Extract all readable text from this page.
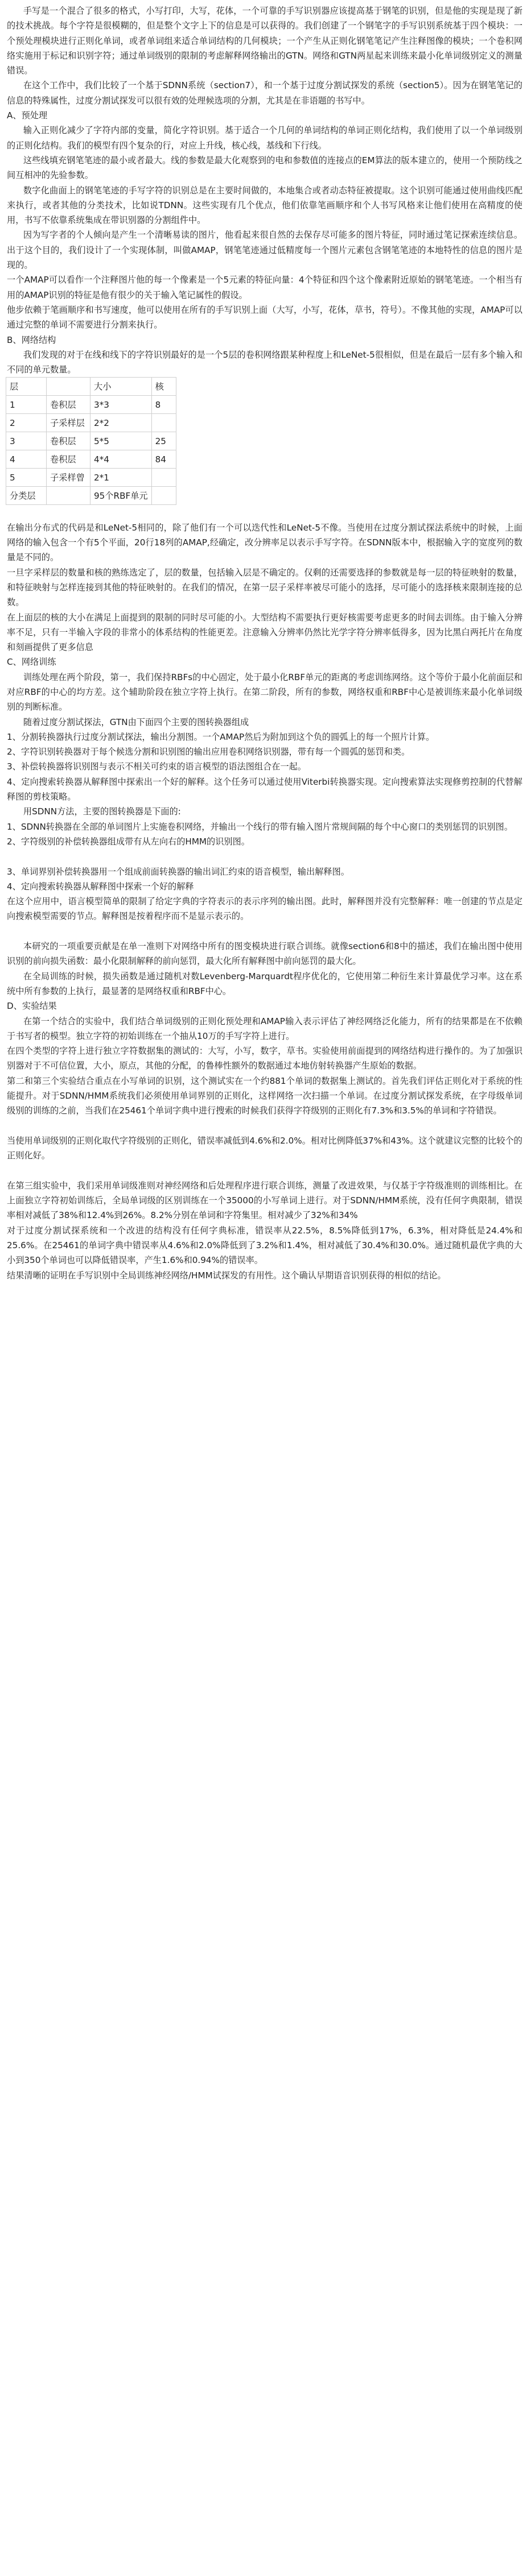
手写是一个混合了很多的格式，小写打印，大写，花体，一个可靠的手写识别器应该提高基于钢笔的识别，但是他的实现是现了新的技术挑战。每个字符是很模糊的，但是整个文字上下的信息是可以获得的。我们创建了一个钢笔字的手写识别系统基于四个模块：一个预处理模块进行正则化单词，或者单词组来适合单词结构的几何模块；一个产生从正则化钢笔笔记产生注释图像的模块；一个卷积网络实施用于标记和识别字符；通过单词级别的限制的考虑解释网络输出的GTN。网络和GTN两星起来训练来最小化单词级别定义的测量错误。

在这个工作中，我们比较了一个基于SDNN系统（section7），和一个基于过度分割试探发的系统（section5）。因为在钢笔笔记的信息的特殊属性，过度分割试探发可以很有效的处理候选项的分割，尤其是在非语题的书写中。

A、预处理

输入正则化减少了字符内部的变量，简化字符识别。基于适合一个几何的单词结构的单词正则化结构，我们使用了以一个单词级别的正则化结构。我们的模型有四个复杂的行，对应上升线，核心线，基线和下行线。

这些线填充钢笔笔迹的最小或者最大。线的参数是最大化观察到的电和参数值的连接点的EM算法的版本建立的，使用一个预防线之间互相冲的先验参数。

数字化曲面上的钢笔笔迹的手写字符的识别总是在主要时间做的，本地集合或者动态特征被提取。这个识别可能通过使用曲线匹配来执行，或者其他的分类技术，比如说TDNN。这些实现有几个优点，他们依靠笔画顺序和个人书写风格来让他们使用在高精度的使用，书写不依靠系统集成在带识别器的分割组件中。

因为写字者的个人倾向是产生一个清晰易读的图片，他看起来很自然的去保存尽可能多的图片特征，同时通过笔记探索连续信息。出于这个目的，我们设计了一个实现体制，叫做AMAP，钢笔笔迹通过低精度每一个图片元素包含钢笔笔迹的本地特性的信息的图片是现的。

一个AMAP可以看作一个注释图片他的每一个像素是一个5元素的特征向量：4个特征和四个这个像素附近原始的钢笔笔迹。一个相当有用的AMAP识别的特征是他有很少的关于输入笔记属性的假设。

他步依赖于笔画顺序和书写速度，他可以使用在所有的手写识别上面（大写，小写，花体，草书，符号）。不像其他的实现，AMAP可以通过完整的单词不需要进行分割来执行。

B、网络结构

我们发现的对于在线和线下的字符识别最好的是一个5层的卷积网络跟某种程度上和LeNet-5很相似，但是在最后一层有多个输入和不同的单元数量。

层		大小	核
1	卷积层	3*3	8
2	子采样层	2*2	
3	卷积层	5*5	25
4	卷积层	4*4	84
5	子采样曾	2*1	
分类层		95个RBF单元	

在输出分布式的代码是和LeNet-5相同的，除了他们有一个可以迭代性和LeNet-5不像。当使用在过度分割试探法系统中的时候，上面网络的输入包含一个有5个平面，20行18列的AMAP,经确定，改分辨率足以表示手写字符。在SDNN版本中，根据输入字的宽度列的数量是不同的。

一旦字采样层的数量和核的熟练选定了，层的数量，包括输入层是不确定的。仅剩的还需要选择的参数就是每一层的特征映射的数量，和特征映射与怎样连接到其他的特征映射的。在我们的情况，在第一层子采样率被尽可能小的选择，尽可能小的选择核来限制连接的总数。

在上面层的核的大小在满足上面提到的限制的同时尽可能的小。大型结构不需要执行更好核需要考虑更多的时间去训练。由于输入分辨率不足，只有一半输入字段的非常小的体系结构的性能更差。注意输入分辨率仍然比光学字符分辨率低得多，因为比黑白两托片在角度和刻画提供了更多信息

C、网络训练

训练处理在两个阶段，第一，我们保持RBFs的中心固定，处于最小化RBF单元的距离的考虑训练网络。这个等价于最小化前面层和对应RBF的中心的均方差。这个辅助阶段在独立字符上执行。在第二阶段，所有的参数，网络权重和RBF中心是被训练来最小化单词级别的判断标准。

随着过度分割试探法，GTN由下面四个主要的图转换器组成

1、分割转换器执行过度分割试探法，输出分割图。一个AMAP然后为附加到这个负的圆弧上的每一个照片计算。

2、字符识别转换器对于每个候选分割和识别图的输出应用卷积网络识别器，带有每一个圆弧的惩罚和类。

3、补偿转换器将识别图与表示不相关可约束的语言模型的语法图组合在一起。

4、定向搜索转换器从解释图中探索出一个好的解释。这个任务可以通过使用Viterbi转换器实现。定向搜索算法实现修剪控制的代替解释图的剪枝策略。

用SDNN方法，主要的图转换器是下面的:

1、SDNN转换器在全部的单词图片上实施卷积网络，并输出一个线行的带有输入图片常规间隔的每个中心窗口的类别惩罚的识别图。

2、字符级别的补偿转换器组成带有从左向右的HMM的识别图。

3、单词界别补偿转换器用一个组成前面转换器的输出词汇约束的语音模型，输出解释图。

4、定向搜索转换器从解释图中探索一个好的解释

在这个应用中，语言模型简单的限制了给定字典的字符表示的表示序列的输出图。此时，解释图并没有完整解释：唯一创建的节点是定向搜索模型需要的节点。解释图是按着程序而不是显示表示的。

本研究的一项重要贡献是在单一准则下对网络中所有的图变模块进行联合训练。就像section6和8中的描述，我们在输出图中使用识别的前向损失函数：最小化限制解释的前向惩罚，最大化所有解释图中前向惩罚的最大化。

在全局训练的时候，损失函数是通过随机对数Levenberg-Marquardt程序优化的，它使用第二种衍生来计算最优学习率。这在系统中所有参数的上执行，最显著的是网络权重和RBF中心。

D、实验结果

在第一个结合的实验中，我们结合单词级别的正则化预处理和AMAP输入表示评估了神经网络泛化能力，所有的结果都是在不依赖于书写者的模型。独立字符的初始训练在一个抽从10万的手写字符上进行。

在四个类型的字符上进行独立字符数据集的测试的：大写，小写，数字，草书。实验使用前面提到的网络结构进行操作的。为了加强识别器对于不可信位置，大小，原点，其他的分配，的鲁棒性额外的数据通过本地仿射转换器产生原始的数据。

第二和第三个实验结合重点在小写单词的识别，这个测试实在一个约881个单词的数据集上测试的。首先我们评估正则化对于系统的性能提升。对于SDNN/HMM系统我们必须使用单词界别的正则化，这样网络一次扫描一个单词。在过度分割试探发系统，在字母级单词级别的训练的之前，当我们在25461个单词字典中进行搜索的时候我们获得字符级别的正则化有7.3%和3.5%的单词和字符错误。

当使用单词级别的正则化取代字符级别的正则化，错误率减低到4.6%和2.0%。相对比例降低37%和43%。这个就建议完整的比较个的正则化好。

在第三组实验中，我们采用单词级准则对神经网络和后处理程序进行联合训练，测量了改进效果，与仅基于字符级准则的训练相比。在上面独立字符初始训练后，全局单词级的区别训练在一个35000的小写单词上进行。对于SDNN/HMM系统，没有任何字典限制，错误率相对减低了38%和12.4%到26%。8.2%分别在单词和字符集里。相对减少了32%和34%

对于过度分割试探系统和一个改进的结构没有任何字典标准，错误率从22.5%，8.5%降低到17%，6.3%，相对降低是24.4%和25.6%。在25461的单词字典中错误率从4.6%和2.0%降低到了3.2%和1.4%，相对减低了30.4%和30.0%。通过随机最优字典的大小到350个单词也可以降低错误率，产生1.6%和0.94%的错误率。

结果清晰的证明在手写识别中全局训练神经网络/HMM试探发的有用性。这个确认早期语音识别获得的相似的结论。
